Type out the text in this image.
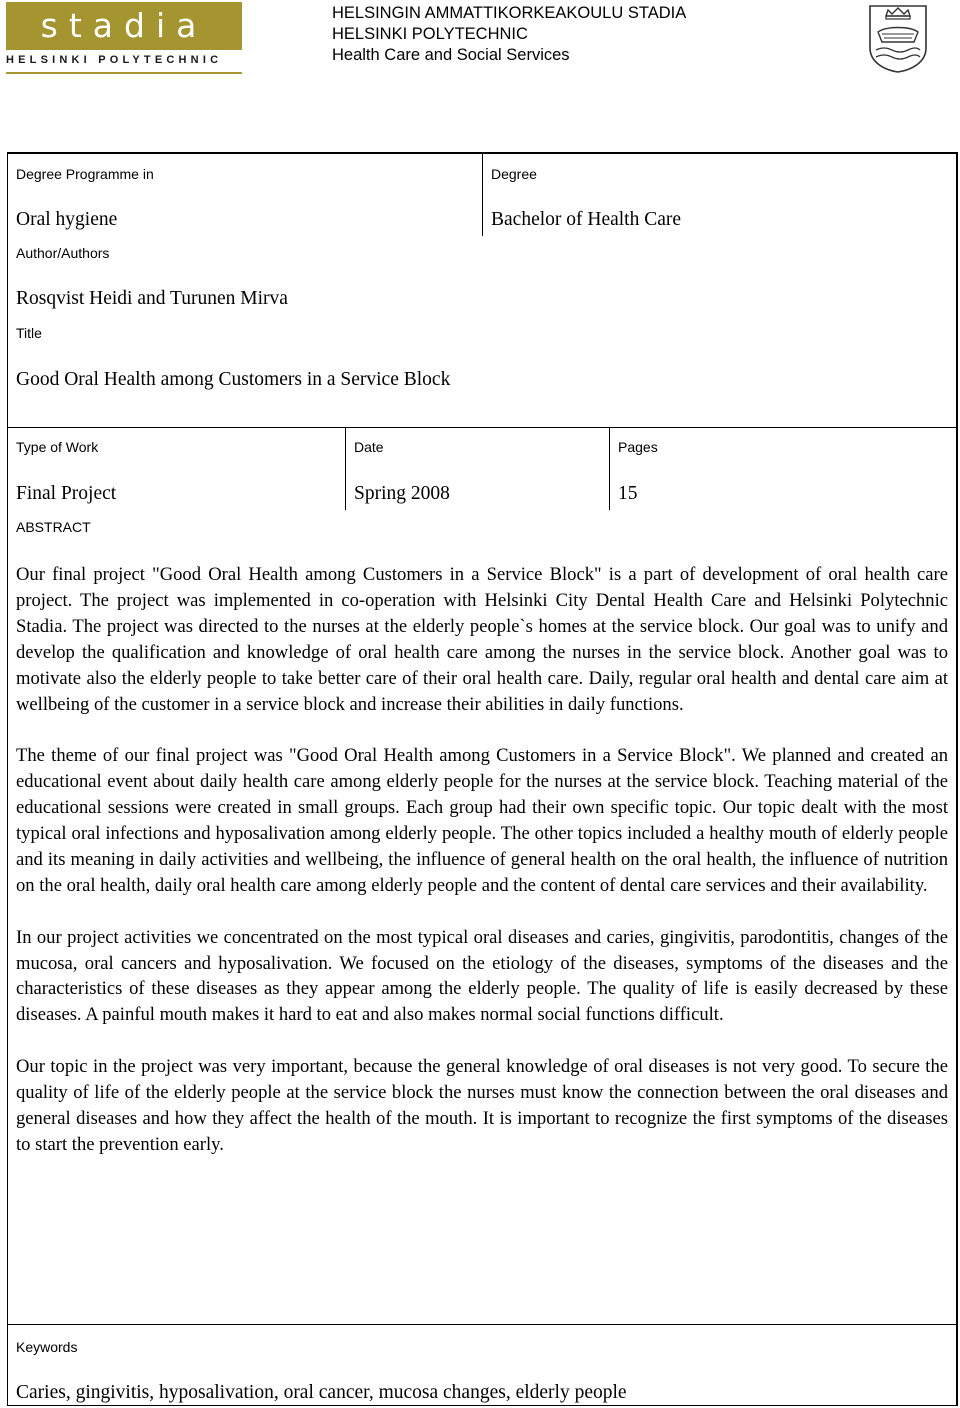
stadia
HELSINKI POLYTECHNIC
HELSINGIN AMMATTIKORKEAKOULU STADIA
HELSINKI POLYTECHNIC
Health Care and Social Services
Degree Programme in
Oral hygiene
Degree
Bachelor of Health Care
Author/Authors
Rosqvist Heidi and Turunen Mirva
Title
Good Oral Health among Customers in a Service Block
Type of Work
Final Project
Date
Spring 2008
Pages
15
ABSTRACT

Our final project "Good Oral Health among Customers in a Service Block" is a part of development of oral health care project. The project was implemented in co-operation with Helsinki City Dental Health Care and Helsinki Polytechnic Stadia. The project was directed to the nurses at the elderly people`s homes at the service block. Our goal was to unify and develop the qualification and knowledge of oral health care among the nurses in the service block. Another goal was to motivate also the elderly people to take better care of their oral health care. Daily, regular oral health and dental care aim at wellbeing of the customer in a service block and increase their abilities in daily functions.

The theme of our final project was "Good Oral Health among Customers in a Service Block". We planned and created an educational event about daily health care among elderly people for the nurses at the service block. Teaching material of the educational sessions were created in small groups. Each group had their own specific topic. Our topic dealt with the most typical oral infections and hyposalivation among elderly people. The other topics included a healthy mouth of elderly people and its meaning in daily activities and wellbeing, the influence of general health on the oral health, the influence of nutrition on the oral health, daily oral health care among elderly people and the content of dental care services and their availability.

In our project activities we concentrated on the most typical oral diseases and caries, gingivitis, parodontitis, changes of the mucosa, oral cancers and hyposalivation. We focused on the etiology of the diseases, symptoms of the diseases and the characteristics of these diseases as they appear among the elderly people. The quality of life is easily decreased by these diseases. A painful mouth makes it hard to eat and also makes normal social functions difficult.

Our topic in the project was very important, because the general knowledge of oral diseases is not very good. To secure the quality of life of the elderly people at the service block the nurses must know the connection between the oral diseases and general diseases and how they affect the health of the mouth. It is important to recognize the first symptoms of the diseases to start the prevention early.

Keywords
Caries, gingivitis, hyposalivation, oral cancer, mucosa changes, elderly people
